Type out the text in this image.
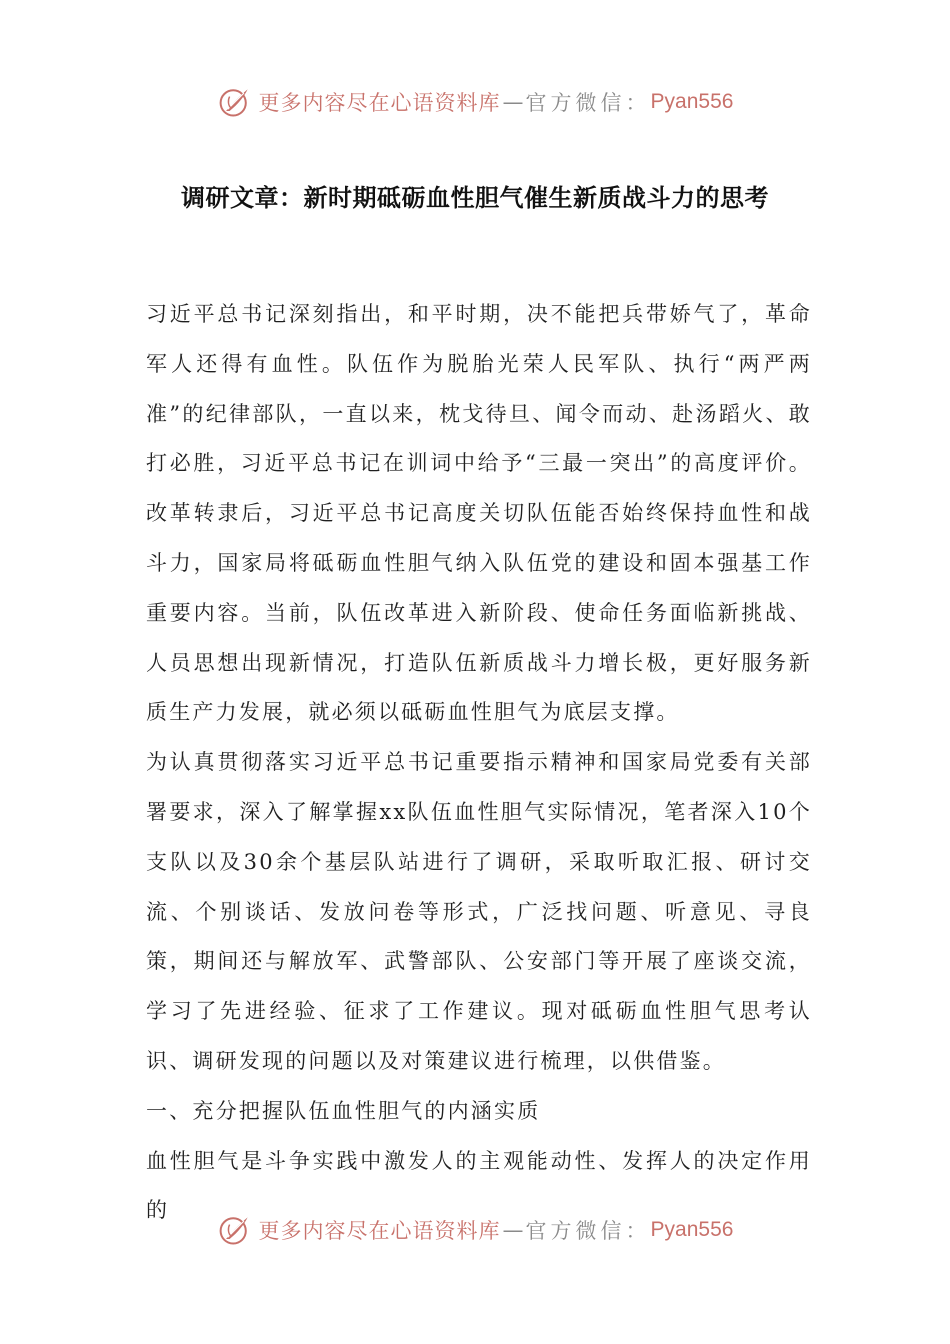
更多内容尽在心语资料库 — 官方微信： Pyan556
调研文章：新时期砥砺血性胆气催生新质战斗力的思考

习近平总书记深刻指出，和平时期，决不能把兵带娇气了，革命军人还得有血性。队伍作为脱胎光荣人民军队、执行“两严两准”的纪律部队，一直以来，枕戈待旦、闻令而动、赴汤蹈火、敢打必胜，习近平总书记在训词中给予“三最一突出”的高度评价。改革转隶后，习近平总书记高度关切队伍能否始终保持血性和战斗力，国家局将砥砺血性胆气纳入队伍党的建设和固本强基工作重要内容。当前，队伍改革进入新阶段、使命任务面临新挑战、人员思想出现新情况，打造队伍新质战斗力增长极，更好服务新质生产力发展，就必须以砥砺血性胆气为底层支撑。

为认真贯彻落实习近平总书记重要指示精神和国家局党委有关部署要求，深入了解掌握xx队伍血性胆气实际情况，笔者深入10个支队以及30余个基层队站进行了调研，采取听取汇报、研讨交流、个别谈话、发放问卷等形式，广泛找问题、听意见、寻良策，期间还与解放军、武警部队、公安部门等开展了座谈交流，学习了先进经验、征求了工作建议。现对砥砺血性胆气思考认识、调研发现的问题以及对策建议进行梳理，以供借鉴。

一、充分把握队伍血性胆气的内涵实质

血性胆气是斗争实践中激发人的主观能动性、发挥人的决定作用的

更多内容尽在心语资料库 — 官方微信： Pyan556
